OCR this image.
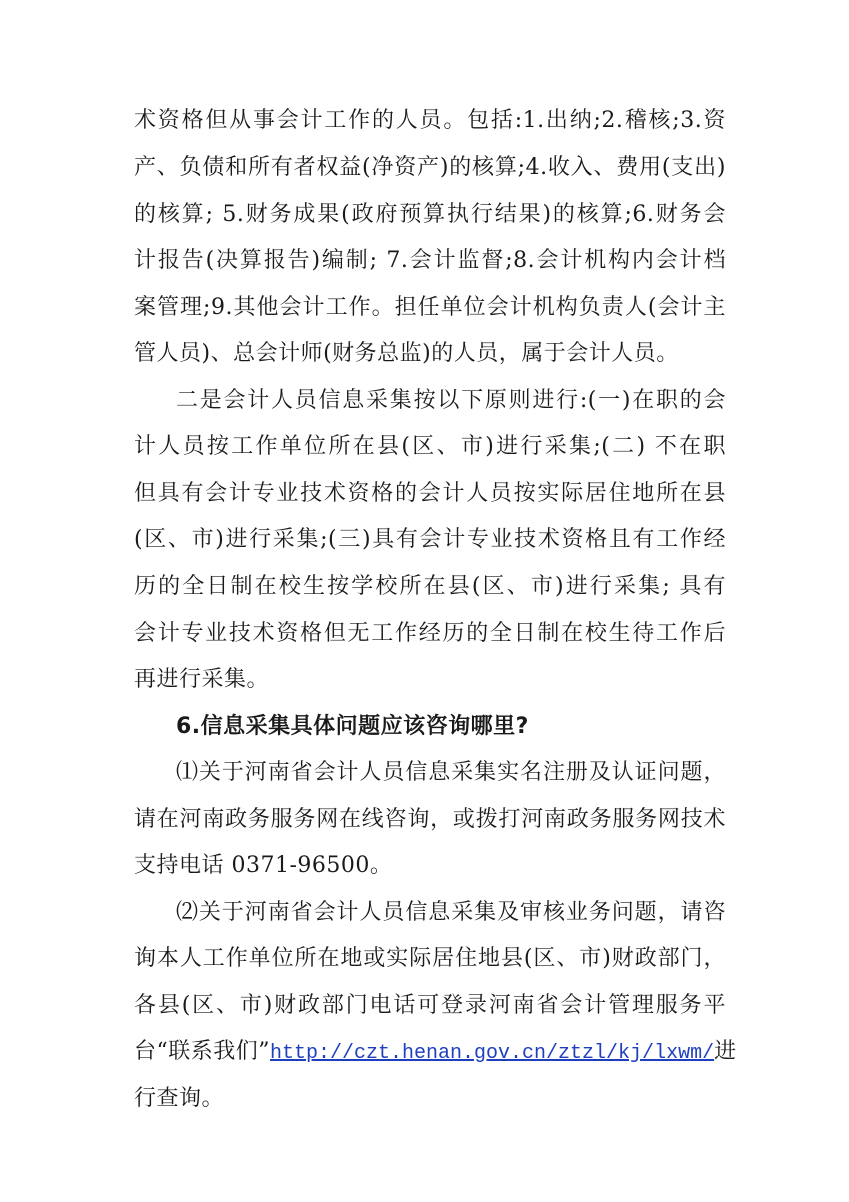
术资格但从事会计工作的人员。包括:1.出纳;2.稽核;3.资
产、负债和所有者权益(净资产)的核算;4.收入、费用(支出)
的核算; 5.财务成果(政府预算执行结果)的核算;6.财务会
计报告(决算报告)编制; 7.会计监督;8.会计机构内会计档
案管理;9.其他会计工作。担任单位会计机构负责人(会计主
管人员)、总会计师(财务总监)的人员，属于会计人员。
二是会计人员信息采集按以下原则进行:(一)在职的会
计人员按工作单位所在县(区、市)进行采集;(二) 不在职
但具有会计专业技术资格的会计人员按实际居住地所在县
(区、市)进行采集;(三)具有会计专业技术资格且有工作经
历的全日制在校生按学校所在县(区、市)进行采集; 具有
会计专业技术资格但无工作经历的全日制在校生待工作后
再进行采集。
6.信息采集具体问题应该咨询哪里?
⑴关于河南省会计人员信息采集实名注册及认证问题，
请在河南政务服务网在线咨询，或拨打河南政务服务网技术
支持电话 0371-96500。
⑵关于河南省会计人员信息采集及审核业务问题，请咨
询本人工作单位所在地或实际居住地县(区、市)财政部门，
各县(区、市)财政部门电话可登录河南省会计管理服务平
台“联系我们”http://czt.henan.gov.cn/ztzl/kj/lxwm/进
行查询。
